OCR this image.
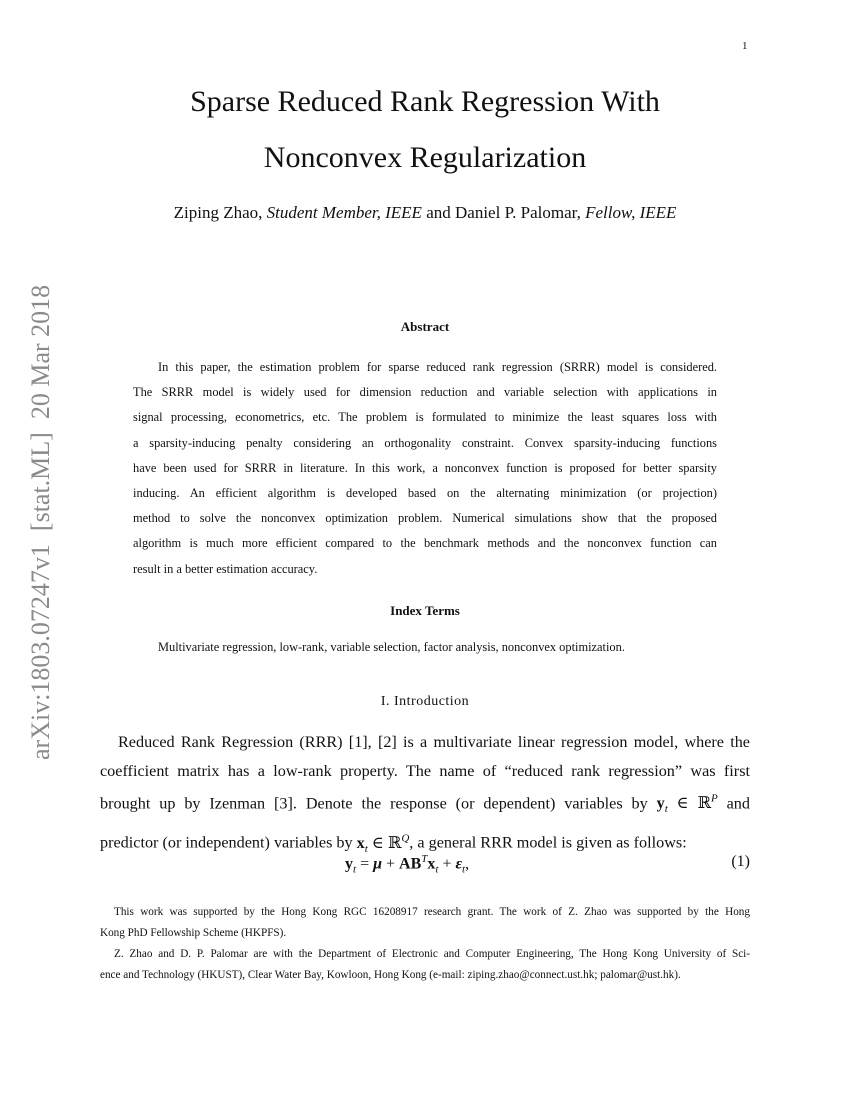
1
arXiv:1803.07247v1  [stat.ML]  20 Mar 2018
Sparse Reduced Rank Regression With
Nonconvex Regularization
Ziping Zhao, Student Member, IEEE and Daniel P. Palomar, Fellow, IEEE
Abstract
In this paper, the estimation problem for sparse reduced rank regression (SRRR) model is considered.
The SRRR model is widely used for dimension reduction and variable selection with applications in
signal processing, econometrics, etc. The problem is formulated to minimize the least squares loss with
a sparsity-inducing penalty considering an orthogonality constraint. Convex sparsity-inducing functions
have been used for SRRR in literature. In this work, a nonconvex function is proposed for better sparsity
inducing. An efficient algorithm is developed based on the alternating minimization (or projection)
method to solve the nonconvex optimization problem. Numerical simulations show that the proposed
algorithm is much more efficient compared to the benchmark methods and the nonconvex function can
result in a better estimation accuracy.
Index Terms
Multivariate regression, low-rank, variable selection, factor analysis, nonconvex optimization.
I. Introduction
Reduced Rank Regression (RRR) [1], [2] is a multivariate linear regression model, where the
coefficient matrix has a low-rank property. The name of “reduced rank regression” was first
brought up by Izenman [3]. Denote the response (or dependent) variables by $y_t$ ∈ ℝ$^P$ and
predictor (or independent) variables by $x_t$ ∈ ℝ$^Q$, a general RRR model is given as follows:
$y_t = \mu + AB^Tx_t + \varepsilon_t$,	(1)
This work was supported by the Hong Kong RGC 16208917 research grant. The work of Z. Zhao was supported by the Hong
Kong PhD Fellowship Scheme (HKPFS).
Z. Zhao and D. P. Palomar are with the Department of Electronic and Computer Engineering, The Hong Kong University of Sci-
ence and Technology (HKUST), Clear Water Bay, Kowloon, Hong Kong (e-mail: ziping.zhao@connect.ust.hk; palomar@ust.hk).
